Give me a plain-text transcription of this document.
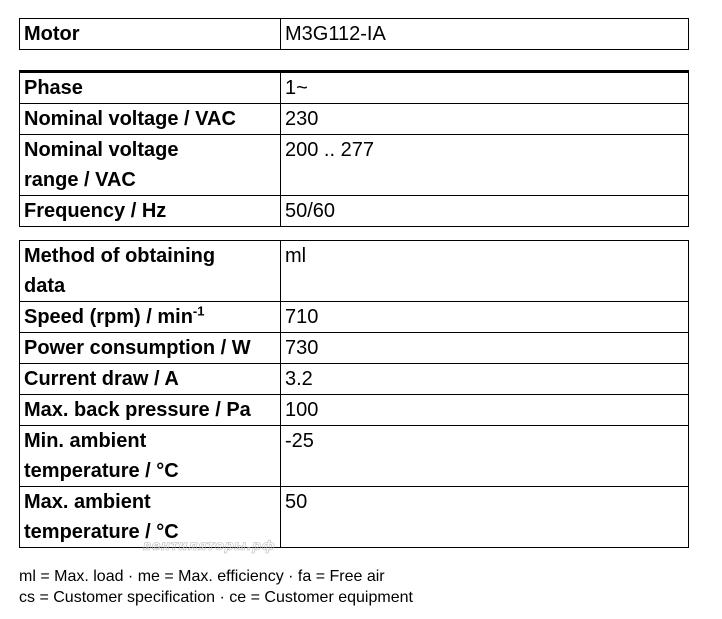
Motor	M3G112-IA
Phase	1~
Nominal voltage / VAC	230
Nominal voltage
range / VAC	200 .. 277
Frequency / Hz	50/60
Method of obtaining
data	ml
Speed $(rpm) / \min^{-1}$	710
Power consumption / W	730
Current draw / A	3.2
Max. back pressure / Pa	100
Min. ambient
temperature / °C	-25
Max. ambient
temperature / °C	50
вентиляторы.рф
ml = Max. load · me = Max. efficiency · fa = Free air
cs = Customer specification · ce = Customer equipment
